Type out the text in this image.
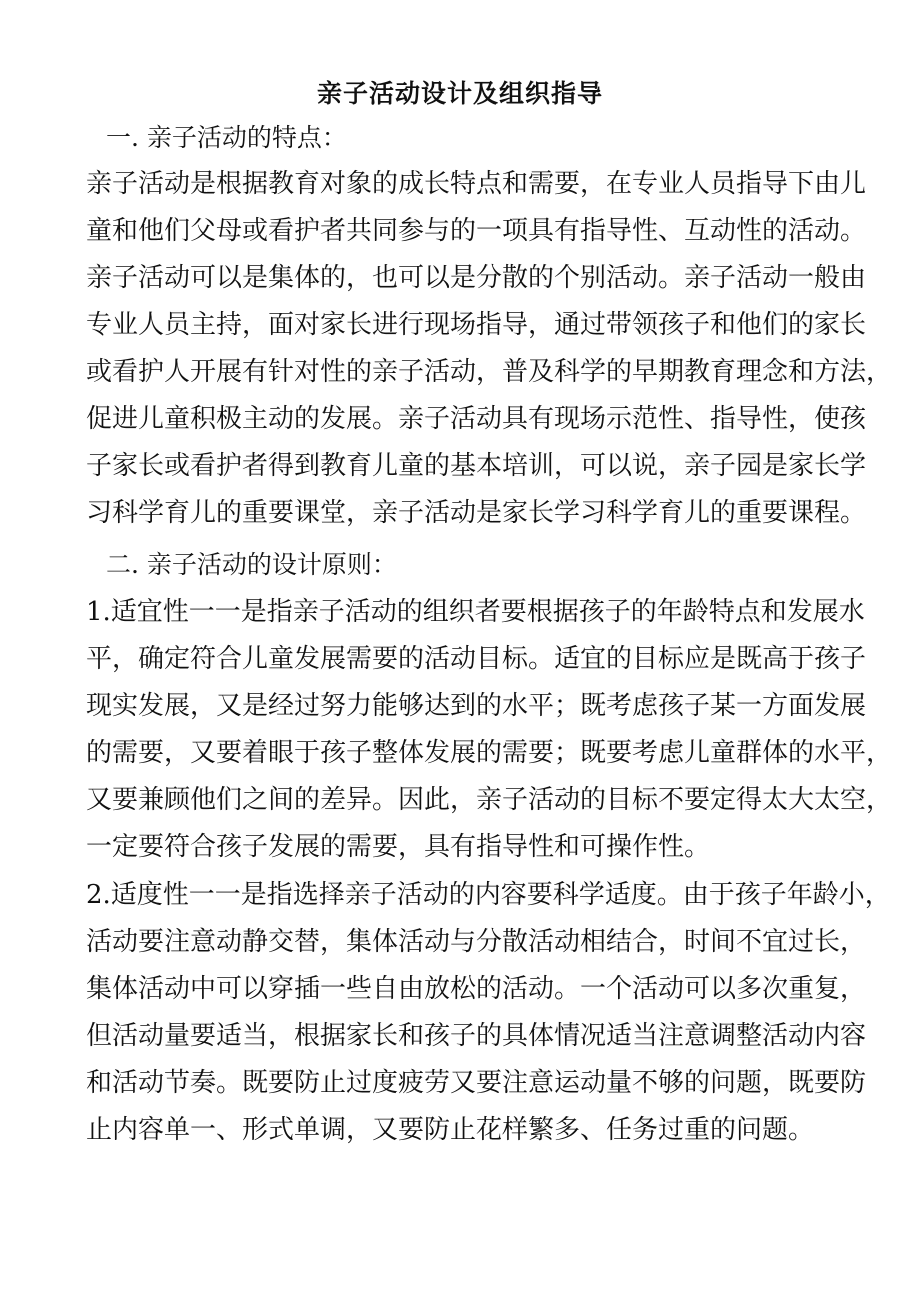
亲子活动设计及组织指导
一. 亲子活动的特点：
亲子活动是根据教育对象的成长特点和需要，在专业人员指导下由儿
童和他们父母或看护者共同参与的一项具有指导性、互动性的活动。
亲子活动可以是集体的，也可以是分散的个别活动。亲子活动一般由
专业人员主持，面对家长进行现场指导，通过带领孩子和他们的家长
或看护人开展有针对性的亲子活动，普及科学的早期教育理念和方法，
促进儿童积极主动的发展。亲子活动具有现场示范性、指导性，使孩
子家长或看护者得到教育儿童的基本培训，可以说，亲子园是家长学
习科学育儿的重要课堂，亲子活动是家长学习科学育儿的重要课程。
二. 亲子活动的设计原则：
1.适宜性一一是指亲子活动的组织者要根据孩子的年龄特点和发展水
平，确定符合儿童发展需要的活动目标。适宜的目标应是既高于孩子
现实发展，又是经过努力能够达到的水平；既考虑孩子某一方面发展
的需要，又要着眼于孩子整体发展的需要；既要考虑儿童群体的水平，
又要兼顾他们之间的差异。因此，亲子活动的目标不要定得太大太空，
一定要符合孩子发展的需要，具有指导性和可操作性。
2.适度性一一是指选择亲子活动的内容要科学适度。由于孩子年龄小，
活动要注意动静交替，集体活动与分散活动相结合，时间不宜过长，
集体活动中可以穿插一些自由放松的活动。一个活动可以多次重复，
但活动量要适当，根据家长和孩子的具体情况适当注意调整活动内容
和活动节奏。既要防止过度疲劳又要注意运动量不够的问题，既要防
止内容单一、形式单调，又要防止花样繁多、任务过重的问题。
